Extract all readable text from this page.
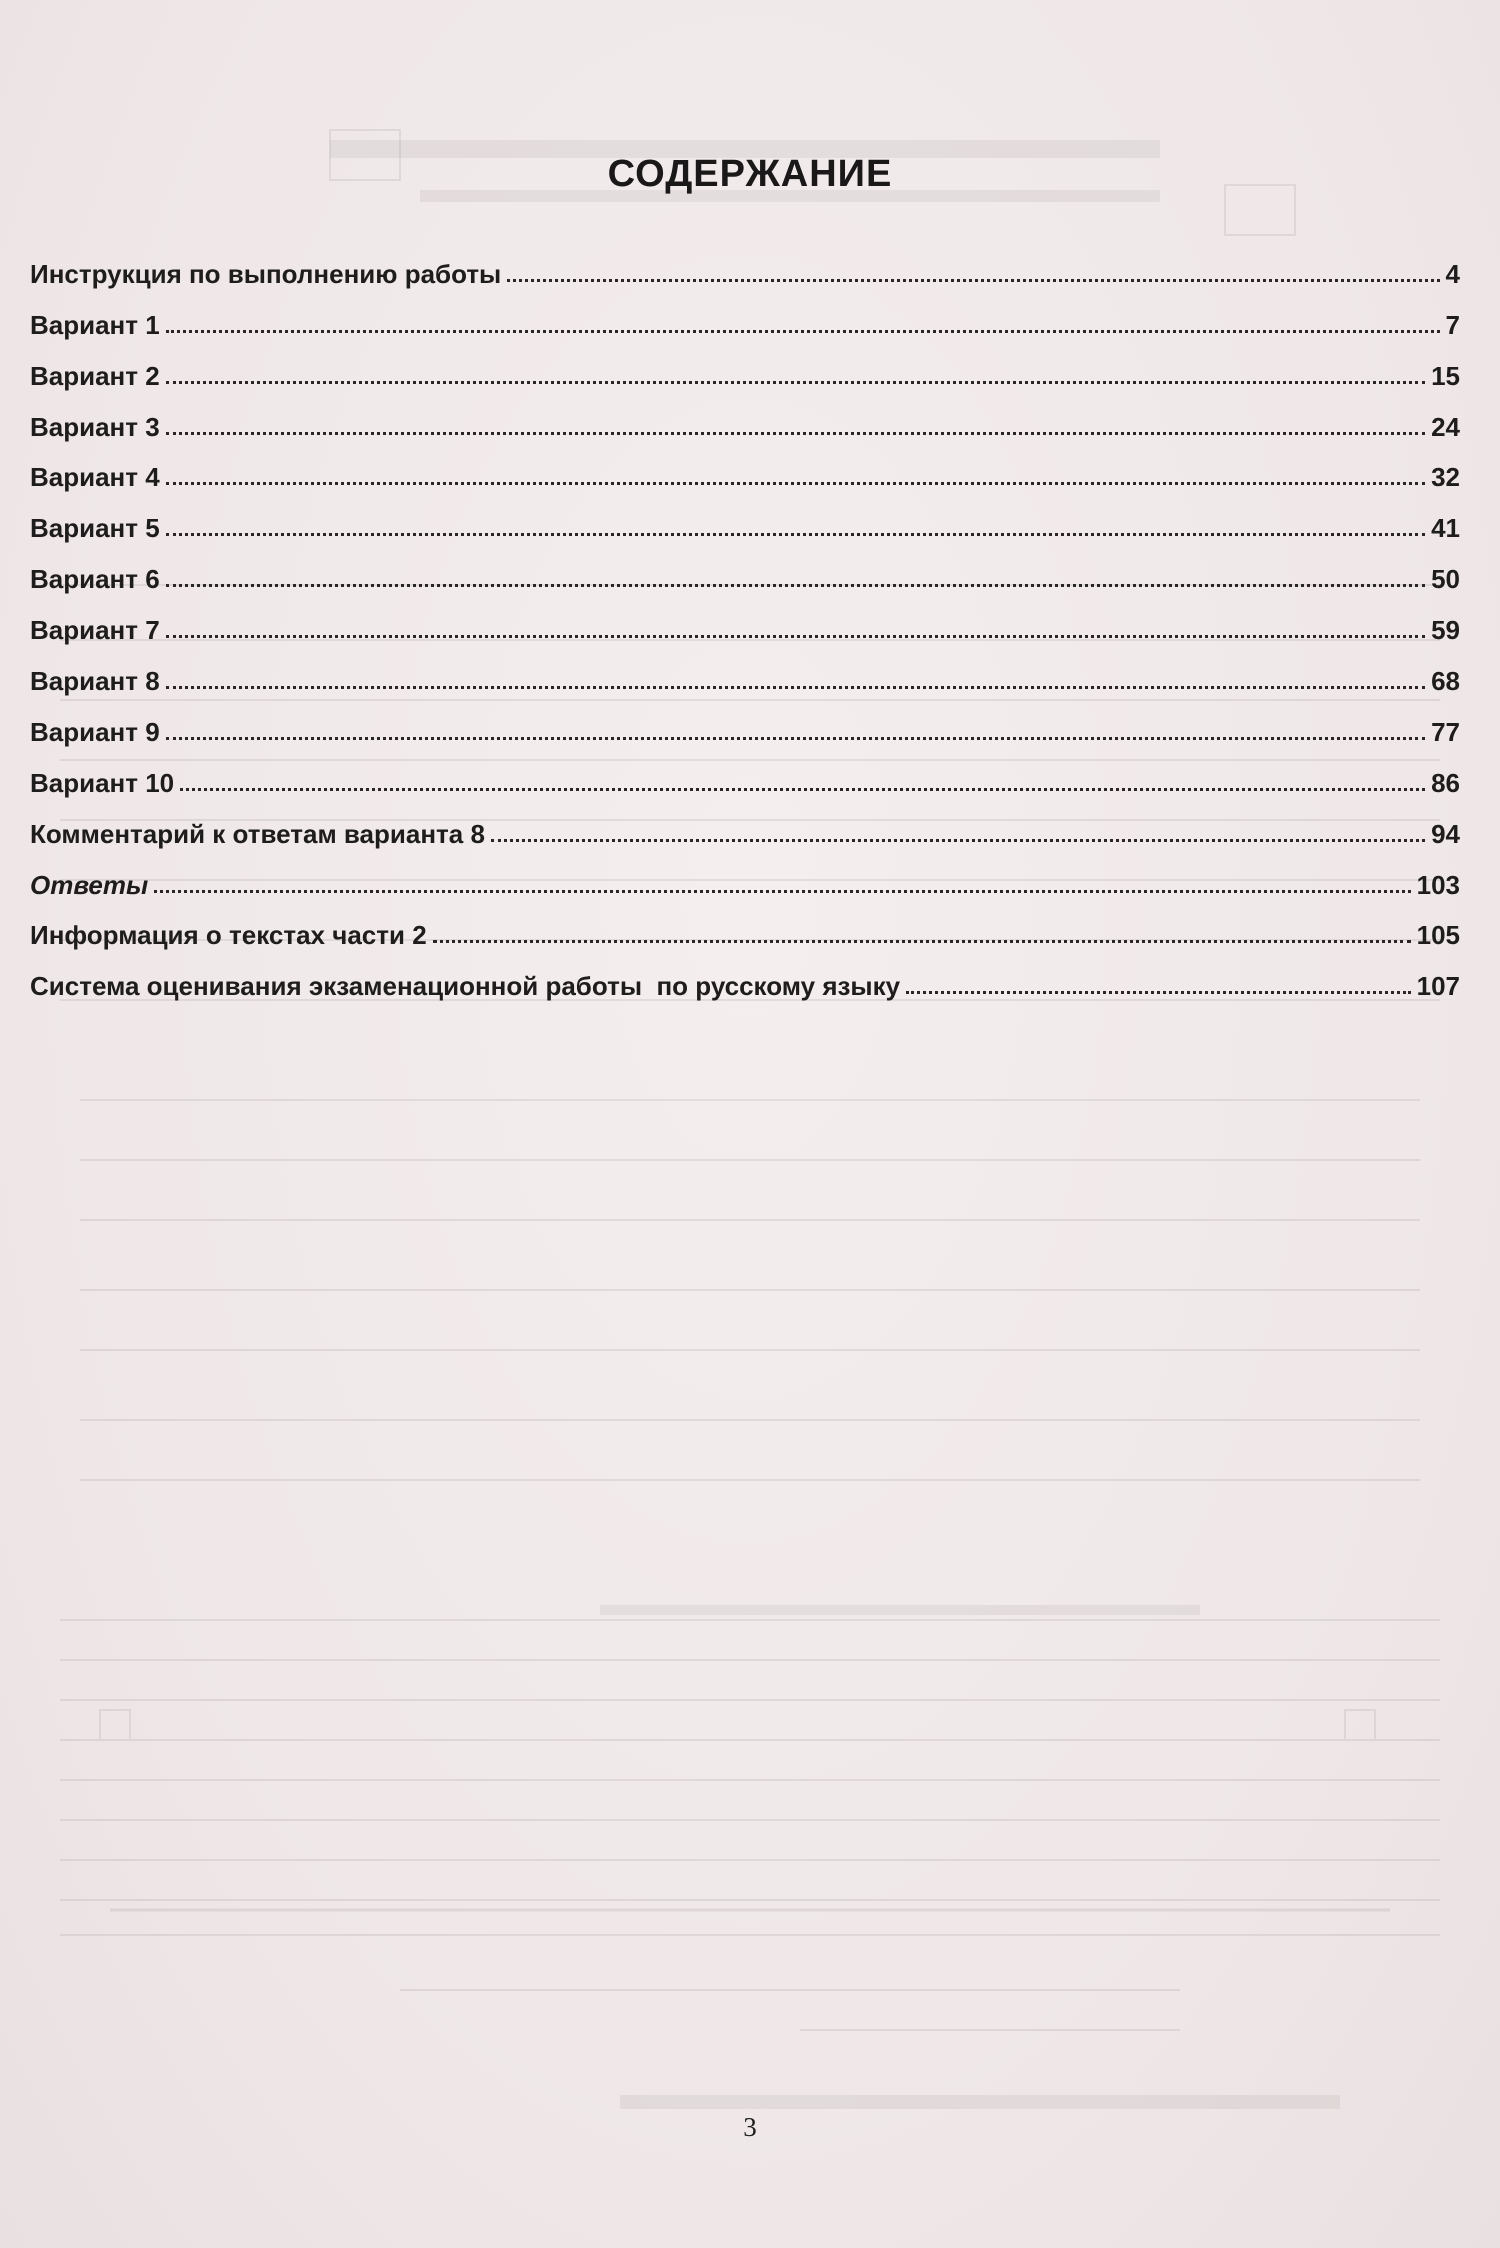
СОДЕРЖАНИЕ
Инструкция по выполнению работы	4
Вариант 1	7
Вариант 2	15
Вариант 3	24
Вариант 4	32
Вариант 5	41
Вариант 6	50
Вариант 7	59
Вариант 8	68
Вариант 9	77
Вариант 10	86
Комментарий к ответам варианта 8	94
Ответы	103
Информация о текстах части 2	105
Система оценивания экзаменационной работы  по русскому языку	107
3
